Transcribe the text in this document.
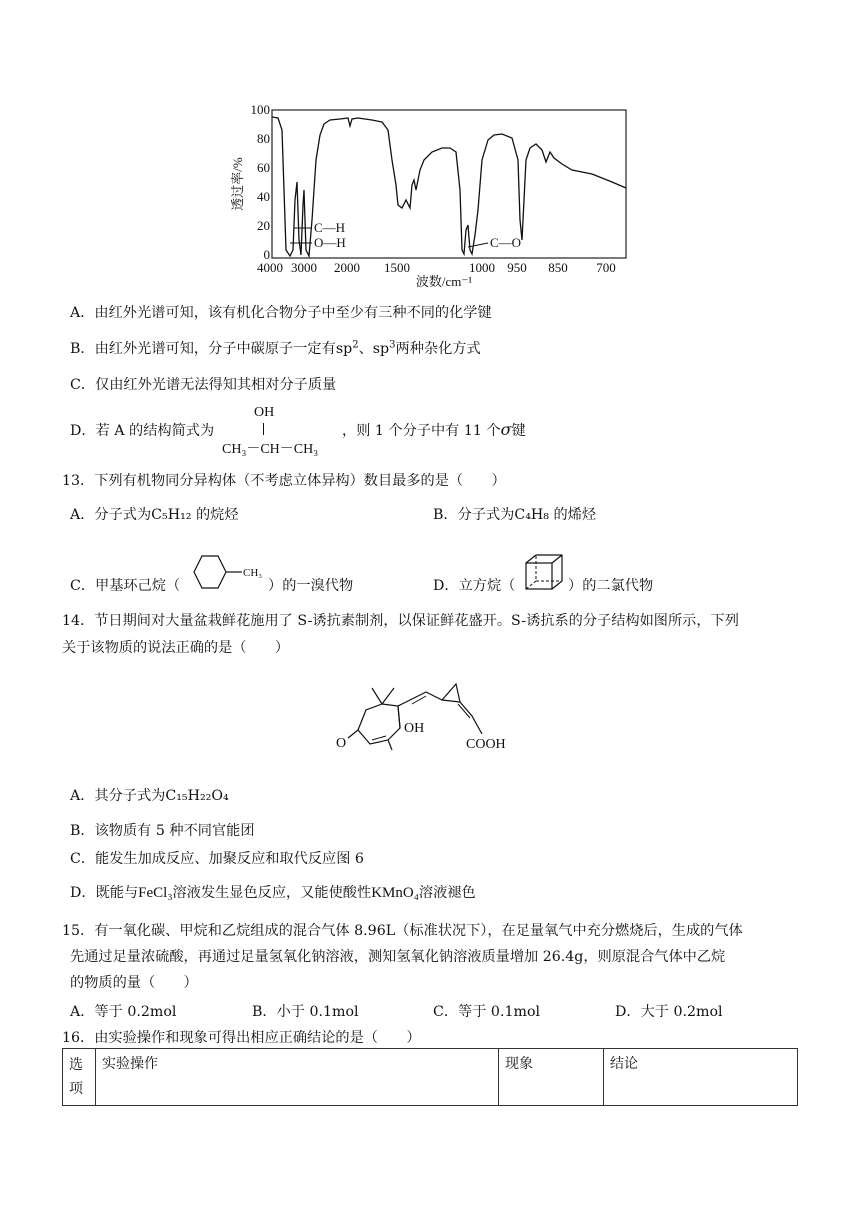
100
80
60
40
20
0
透过率/%
4000 3000 2000 1500	1000 950 850 700
波数/cm⁻¹
C—H
O—H	C—O
A．由红外光谱可知，该有机化合物分子中至少有三种不同的化学键
B．由红外光谱可知，分子中碳原子一定有$sp^2$、$sp^3$两种杂化方式
C．仅由红外光谱无法得知其相对分子质量
D．若 A 的结构简式为
OH
CH₃－CH－CH₃
，则 1 个分子中有 11 个σ键
13．下列有机物同分异构体（不考虑立体异构）数目最多的是（　　）
A．分子式为C₅H₁₂ 的烷烃	B．分子式为C₄H₈ 的烯烃
C．甲基环己烷（
CH₃
）的一溴代物	D．立方烷（	）的二氯代物
14．节日期间对大量盆栽鲜花施用了 S-诱抗素制剂，以保证鲜花盛开。S-诱抗系的分子结构如图所示，下列
关于该物质的说法正确的是（　　）
O
OH
COOH
A．其分子式为C₁₅H₂₂O₄
B．该物质有 5 种不同官能团
C．能发生加成反应、加聚反应和取代反应图 6
D．既能与FeCl₃溶液发生显色反应，又能使酸性KMnO₄溶液褪色
15．有一氧化碳、甲烷和乙烷组成的混合气体 8.96L（标准状况下），在足量氧气中充分燃烧后，生成的气体
先通过足量浓硫酸，再通过足量氢氧化钠溶液，测知氢氧化钠溶液质量增加 26.4g，则原混合气体中乙烷
的物质的量（　　）
A．等于 0.2mol	B．小于 0.1mol	C．等于 0.1mol	D．大于 0.2mol
16．由实验操作和现象可得出相应正确结论的是（　　）
选项	实验操作	现象	结论
